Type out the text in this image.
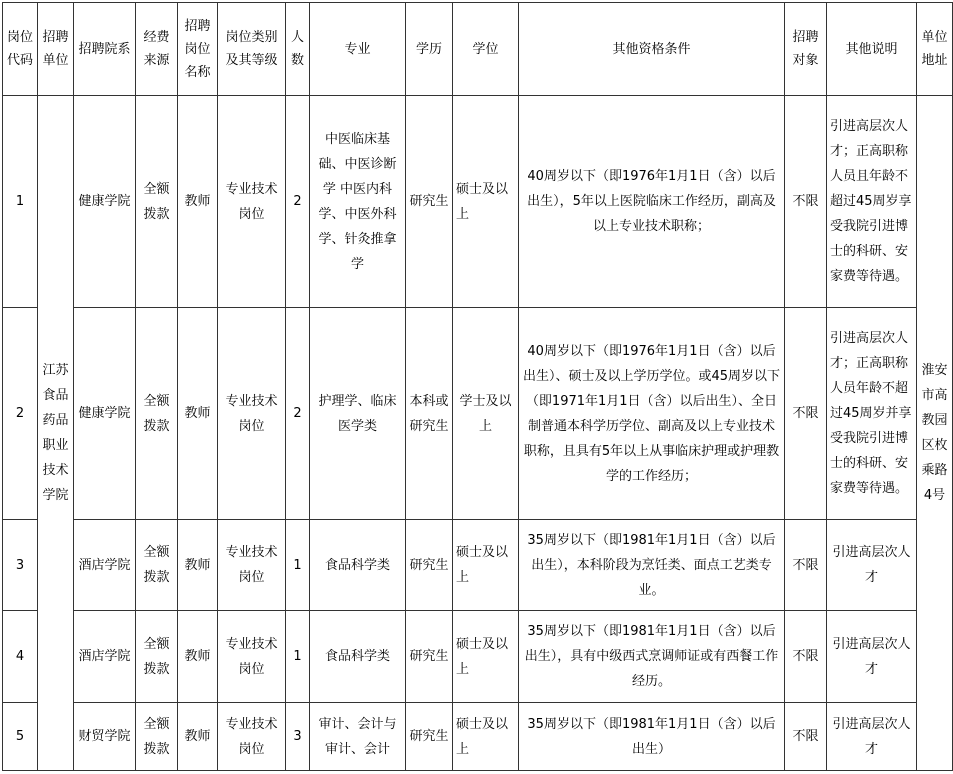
岗位代码	招聘单位	招聘院系	经费来源	招聘岗位名称	岗位类别及其等级	人数	专业	学历	学位	其他资格条件	招聘对象	其他说明	单位地址
1	江苏食品药品职业技术学院	健康学院	全额拨款	教师	专业技术岗位	2	中医临床基础、中医诊断学 中医内科学、中医外科学、针灸推拿学	研究生	硕士及以上	40周岁以下（即1976年1月1日（含）以后出生），5年以上医院临床工作经历，副高及以上专业技术职称；	不限	引进高层次人才；正高职称人员且年龄不超过45周岁享受我院引进博士的科研、安家费等待遇。	淮安市高教园区枚乘路4号
2		健康学院	全额拨款	教师	专业技术岗位	2	护理学、临床医学类	本科或研究生	学士及以上	40周岁以下（即1976年1月1日（含）以后出生）、硕士及以上学历学位。或45周岁以下（即1971年1月1日（含）以后出生）、全日制普通本科学历学位、副高及以上专业技术职称，且具有5年以上从事临床护理或护理教学的工作经历；	不限	引进高层次人才；正高职称人员年龄不超过45周岁并享受我院引进博士的科研、安家费等待遇。	
3		酒店学院	全额拨款	教师	专业技术岗位	1	食品科学类	研究生	硕士及以上	35周岁以下（即1981年1月1日（含）以后出生），本科阶段为烹饪类、面点工艺类专业。	不限	引进高层次人才	
4		酒店学院	全额拨款	教师	专业技术岗位	1	食品科学类	研究生	硕士及以上	35周岁以下（即1981年1月1日（含）以后出生），具有中级西式烹调师证或有西餐工作经历。	不限	引进高层次人才	
5		财贸学院	全额拨款	教师	专业技术岗位	3	审计、会计与审计、会计	研究生	硕士及以上	35周岁以下（即1981年1月1日（含）以后出生）	不限	引进高层次人才	
